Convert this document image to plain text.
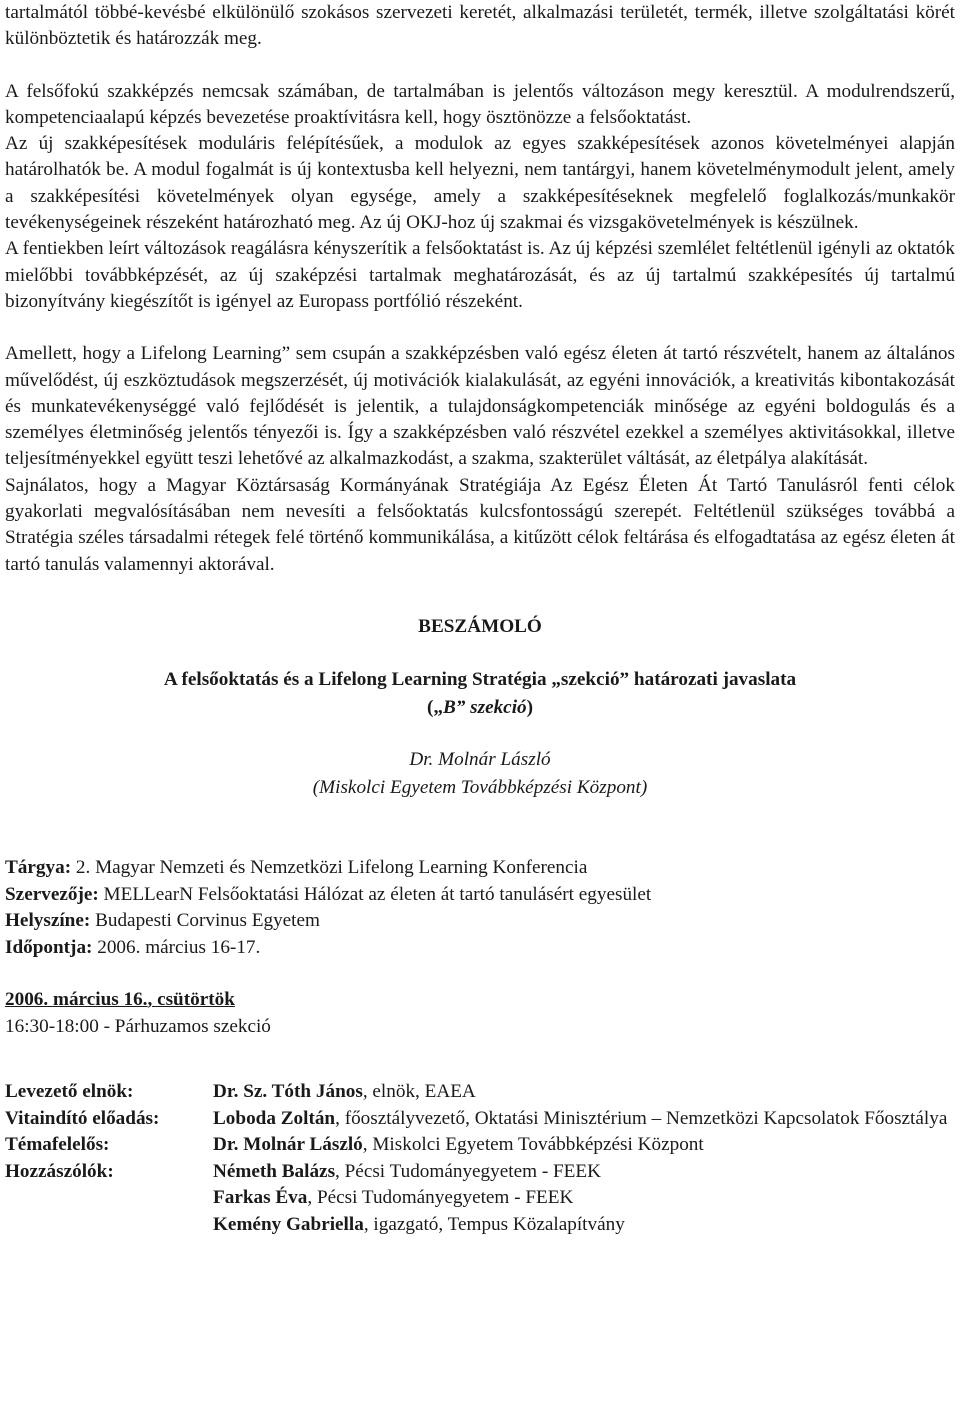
tartalmától többé-kevésbé elkülönülő szokásos szervezeti keretét, alkalmazási területét, termék, illetve szolgáltatási körét különböztetik és határozzák meg.

A felsőfokú szakképzés nemcsak számában, de tartalmában is jelentős változáson megy keresztül. A modulrendszerű, kompetenciaalapú képzés bevezetése proaktívitásra kell, hogy ösztönözze a felsőoktatást.

Az új szakképesítések moduláris felépítésűek, a modulok az egyes szakképesítések azonos követelményei alapján határolhatók be. A modul fogalmát is új kontextusba kell helyezni, nem tantárgyi, hanem követelménymodult jelent, amely a szakképesítési követelmények olyan egysége, amely a szakképesítéseknek megfelelő foglalkozás/munkakör tevékenységeinek részeként határozható meg. Az új OKJ-hoz új szakmai és vizsgakövetelmények is készülnek.

A fentiekben leírt változások reagálásra kényszerítik a felsőoktatást is. Az új képzési szemlélet feltétlenül igényli az oktatók mielőbbi továbbképzését, az új szaképzési tartalmak meghatározását, és az új tartalmú szakképesítés új tartalmú bizonyítvány kiegészítőt is igényel az Europass portfólió részeként.

Amellett, hogy a Lifelong Learning” sem csupán a szakképzésben való egész életen át tartó részvételt, hanem az általános művelődést, új eszköztudások megszerzését, új motivációk kialakulását, az egyéni innovációk, a kreativitás kibontakozását és munkatevékenységgé való fejlődését is jelentik, a tulajdonságkompetenciák minősége az egyéni boldogulás és a személyes életminőség jelentős tényezői is. Így a szakképzésben való részvétel ezekkel a személyes aktivitásokkal, illetve teljesítményekkel együtt teszi lehetővé az alkalmazkodást, a szakma, szakterület váltását, az életpálya alakítását.

Sajnálatos, hogy a Magyar Köztársaság Kormányának Stratégiája Az Egész Életen Át Tartó Tanulásról fenti célok gyakorlati megvalósításában nem nevesíti a felsőoktatás kulcsfontosságú szerepét. Feltétlenül szükséges továbbá a Stratégia széles társadalmi rétegek felé történő kommunikálása, a kitűzött célok feltárása és elfogadtatása az egész életen át tartó tanulás valamennyi aktorával.

BESZÁMOLÓ
A felsőoktatás és a Lifelong Learning Stratégia „szekció” határozati javaslata
(„B” szekció)
Dr. Molnár László
(Miskolci Egyetem Továbbképzési Központ)
Tárgya: 2. Magyar Nemzeti és Nemzetközi Lifelong Learning Konferencia
Szervezője: MELLearN Felsőoktatási Hálózat az életen át tartó tanulásért egyesület
Helyszíne: Budapesti Corvinus Egyetem
Időpontja: 2006. március 16-17.
2006. március 16., csütörtök
16:30-18:00 - Párhuzamos szekció
Levezető elnök:	Dr. Sz. Tóth János, elnök, EAEA
Vitaindító előadás:	Loboda Zoltán, főosztályvezető, Oktatási Minisztérium – Nemzetközi Kapcsolatok Főosztálya
Témafelelős:	Dr. Molnár László, Miskolci Egyetem Továbbképzési Központ
Hozzászólók:	Németh Balázs, Pécsi Tudományegyetem - FEEK
	Farkas Éva, Pécsi Tudományegyetem - FEEK
	Kemény Gabriella, igazgató, Tempus Közalapítvány
